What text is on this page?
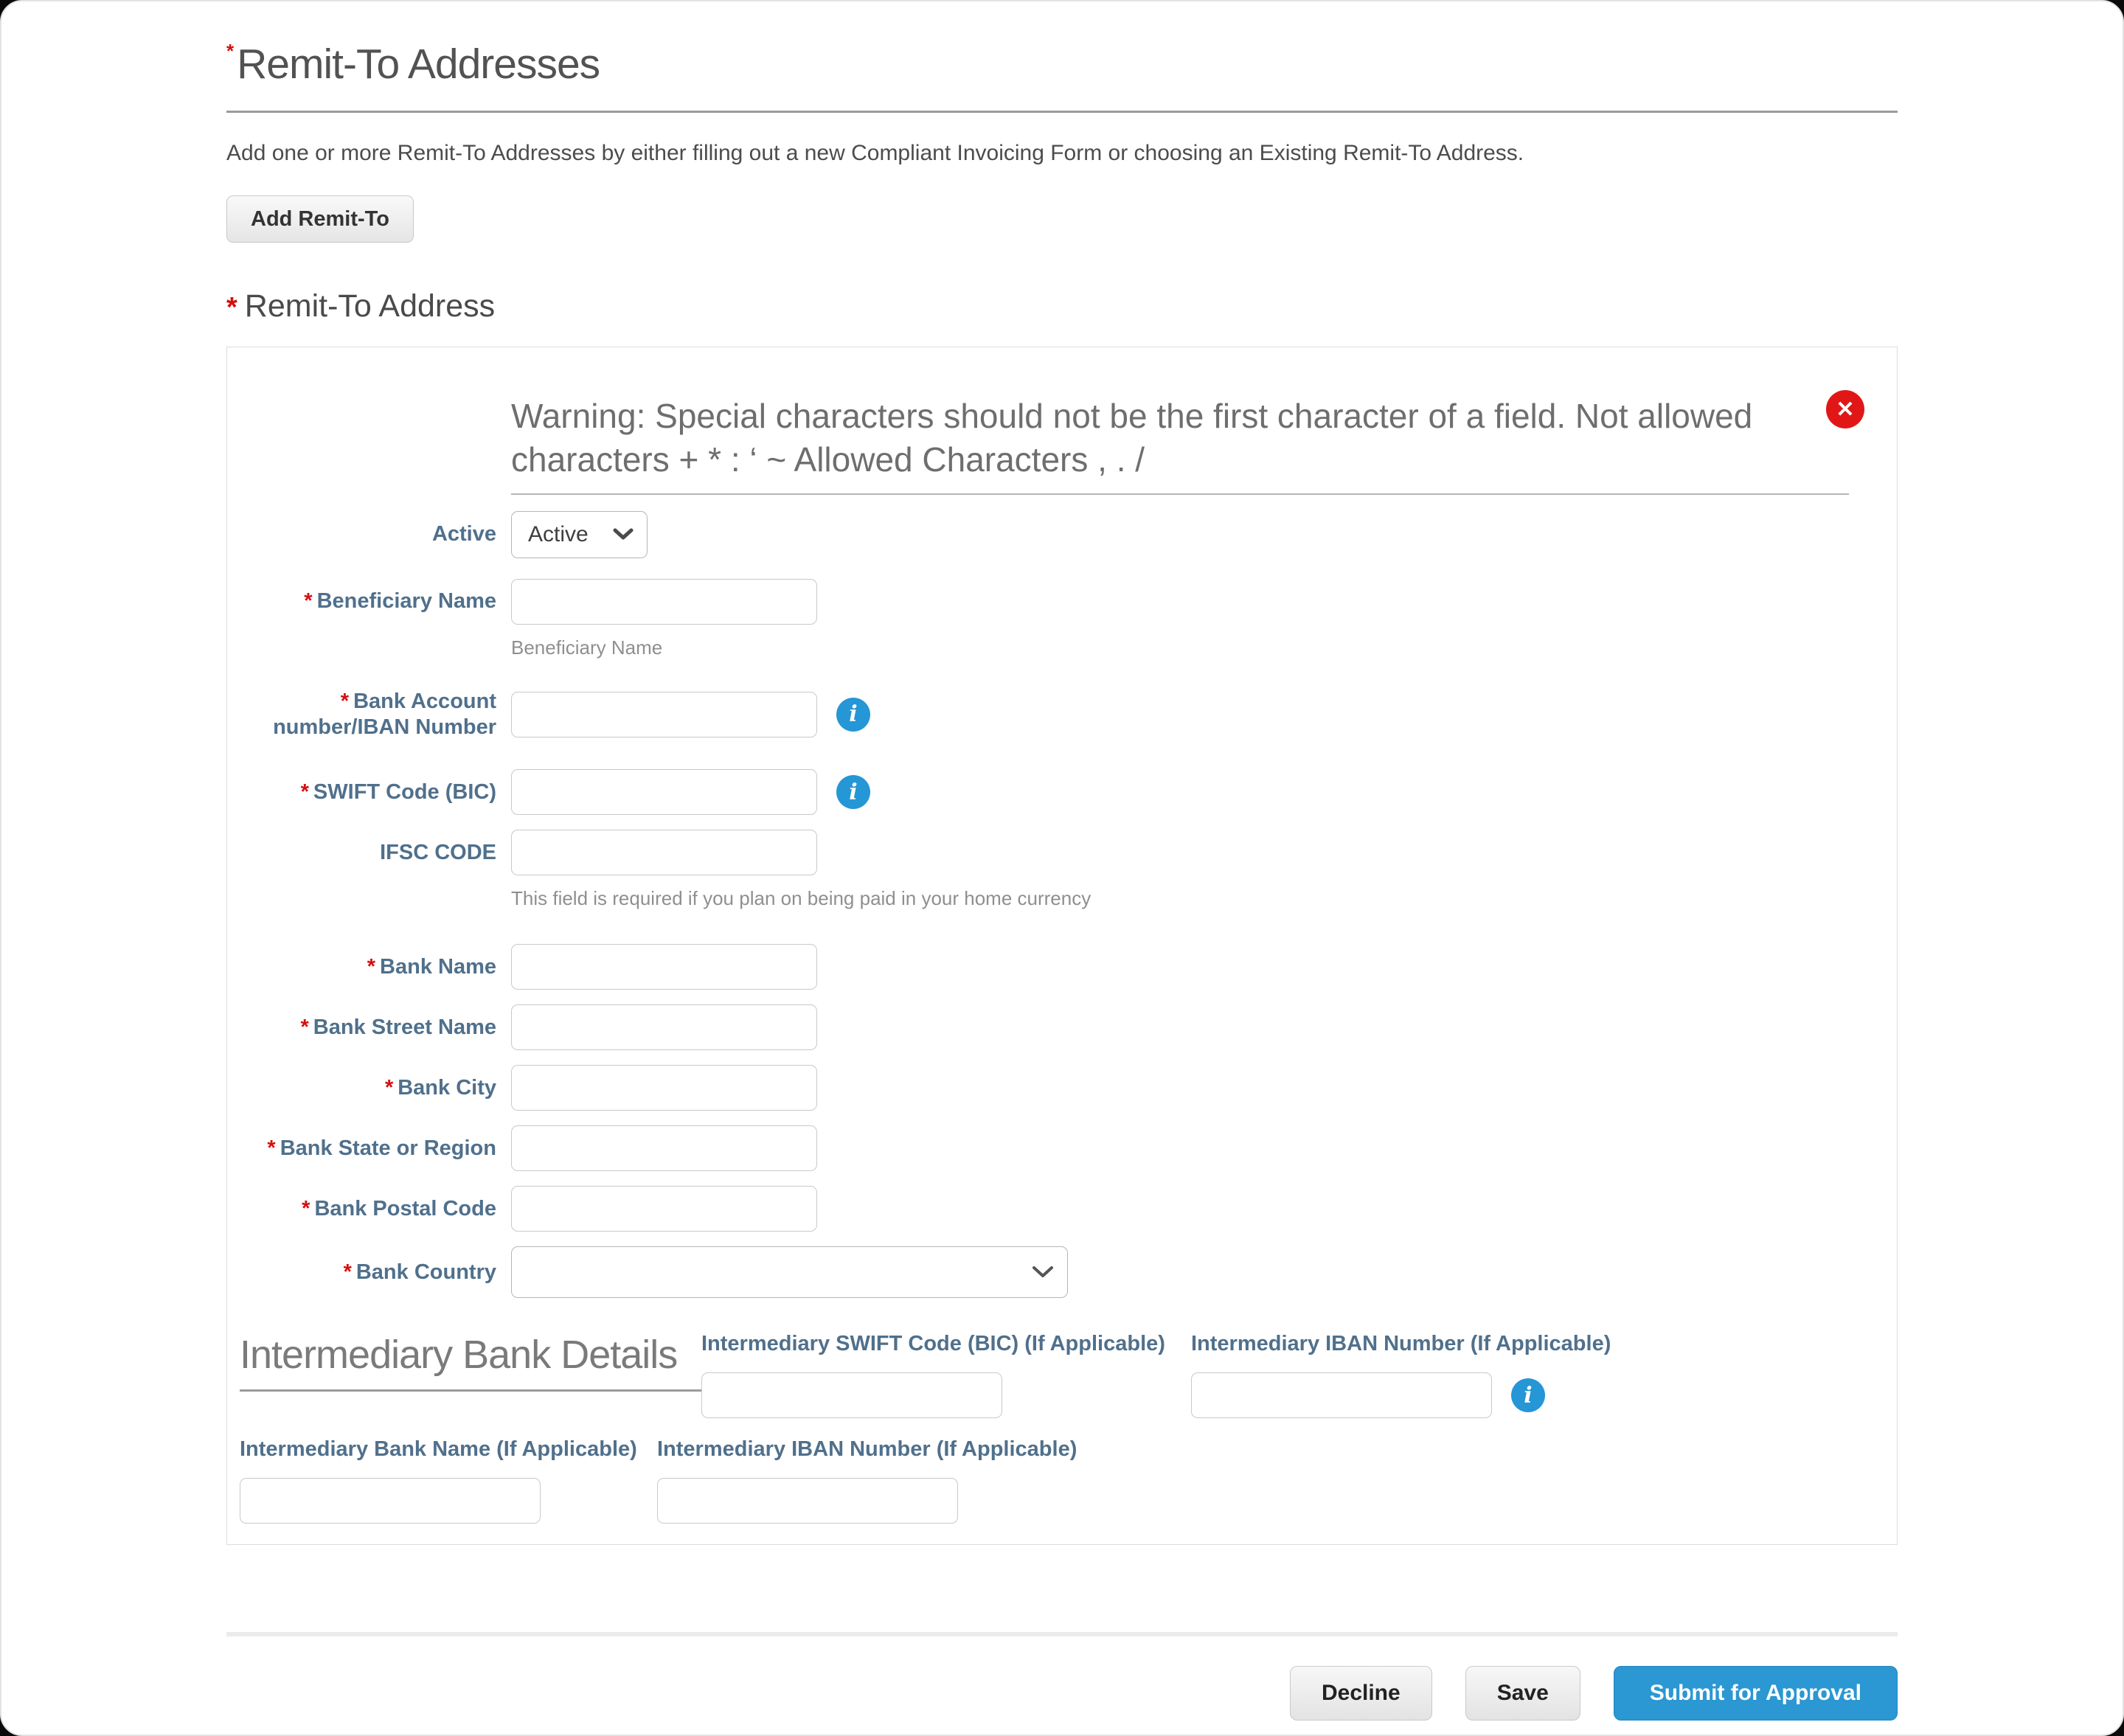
*Remit-To Addresses

Add one or more Remit-To Addresses by either filling out a new Compliant Invoicing Form or choosing an Existing Remit-To Address.

Add Remit-To
* Remit-To Address
✕
Warning: Special characters should not be the first character of a field. Not allowed characters + * : ‘ ~ Allowed Characters , . /
Active Active
* Beneficiary Name
Beneficiary Name
* Bank Account number/IBAN Number	i
* SWIFT Code (BIC)	i
IFSC CODE
This field is required if you plan on being paid in your home currency
* Bank Name
* Bank Street Name
* Bank City
* Bank State or Region
* Bank Postal Code
* Bank Country
Intermediary Bank Details	Intermediary SWIFT Code (BIC) (If Applicable)	Intermediary IBAN Number (If Applicable)
i
Intermediary Bank Name (If Applicable) Intermediary IBAN Number (If Applicable)
Decline	Save	Submit for Approval
